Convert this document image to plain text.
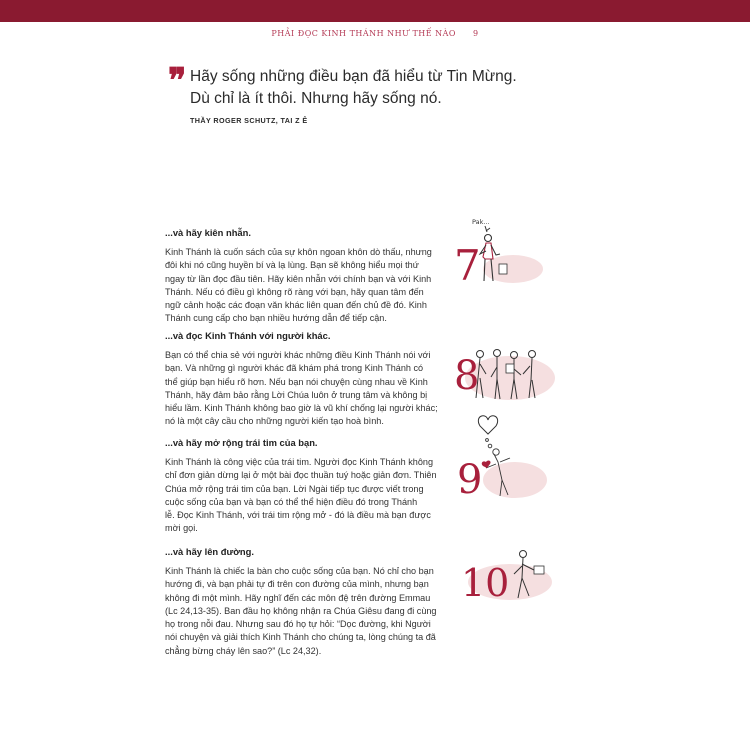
PHẢI ĐỌC KINH THÁNH NHƯ THẾ NÀO 9
❞ Hãy sống những điều bạn đã hiểu từ Tin Mừng.
Dù chỉ là ít thôi. Nhưng hãy sống nó.
THẦY ROGER SCHUTZ, TAI Z Ê
...và hãy kiên nhẫn.
Kinh Thánh là cuốn sách của sự khôn ngoan khôn dò thấu, nhưng
đôi khi nó cũng huyền bí và lạ lùng. Bạn sẽ không hiểu mọi thứ
ngay từ lần đọc đầu tiên. Hãy kiên nhẫn với chính bạn và với Kinh
Thánh. Nếu có điều gì không rõ ràng với bạn, hãy quan tâm đến
ngữ cảnh hoặc các đoạn văn khác liên quan đến chủ đề đó. Kinh
Thánh cung cấp cho bạn nhiều hướng dẫn để tiếp cận.
Pak...
7
...và đọc Kinh Thánh với người khác.
Bạn có thể chia sẻ với người khác những điều Kinh Thánh nói với
bạn. Và những gì người khác đã khám phá trong Kinh Thánh có
thể giúp bạn hiểu rõ hơn. Nếu bạn nói chuyện cùng nhau về Kinh
Thánh, hãy đảm bảo rằng Lời Chúa luôn ở trung tâm và không bị
hiểu lầm. Kinh Thánh không bao giờ là vũ khí chống lại người khác;
nó là một cây cầu cho những người kiến tạo hoà bình.
8
...và hãy mở rộng trái tim của bạn.
Kinh Thánh là công việc của trái tim. Người đọc Kinh Thánh không
chỉ đơn giản dừng lại ở một bài đọc thuần tuý hoặc giản đơn. Thiên
Chúa mở rộng trái tim của bạn. Lời Ngài tiếp tục được viết trong
cuộc sống của bạn và bạn có thể thể hiện điều đó trong Thánh
lễ. Đọc Kinh Thánh, với trái tim rộng mở - đó là điều mà bạn được
mời gọi.
9
...và hãy lên đường.
Kinh Thánh là chiếc la bàn cho cuộc sống của bạn. Nó chỉ cho bạn
hướng đi, và bạn phải tự đi trên con đường của mình, nhưng bạn
không đi một mình. Hãy nghĩ đến các môn đệ trên đường Emmau
(Lc 24,13-35). Ban đầu họ không nhận ra Chúa Giêsu đang đi cùng
họ trong nỗi đau. Nhưng sau đó họ tự hỏi: “Dọc đường, khi Người
nói chuyện và giải thích Kinh Thánh cho chúng ta, lòng chúng ta đã
chẳng bừng cháy lên sao?” (Lc 24,32).
10
